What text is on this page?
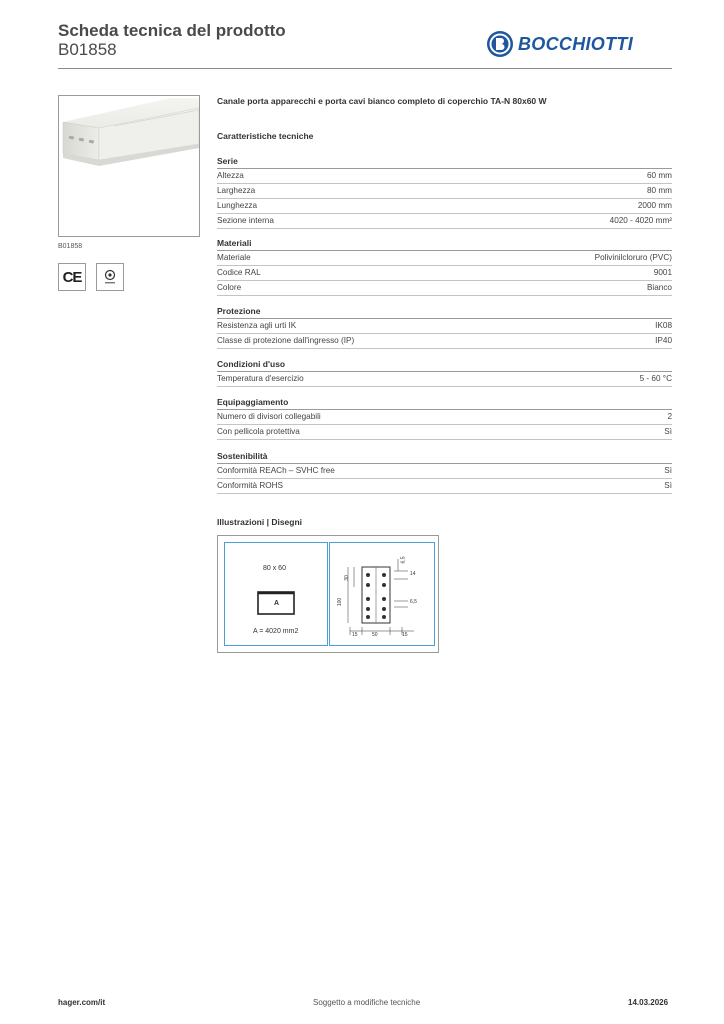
Scheda tecnica del prodotto
B01858	BOCCHIOTTI
B01858
CE
Canale porta apparecchi e porta cavi bianco completo di coperchio TA-N 80x60 W
Caratteristiche tecniche
Serie
Altezza	60 mm
Larghezza	80 mm
Lunghezza	2000 mm
Sezione interna	4020 - 4020 mm²
Materiali
Materiale	Polivinilcloruro (PVC)
Codice RAL	9001
Colore	Bianco
Protezione
Resistenza agli urti IK	IK08
Classe di protezione dall'ingresso (IP)	IP40
Condizioni d'uso
Temperatura d'esercizio	5 - 60 °C
Equipaggiamento
Numero di divisori collegabili	2
Con pellicola protettiva	Sì
Sostenibilità
Conformità REACh – SVHC free	Sì
Conformità ROHS	Sì
Illustrazioni | Disegni
80 x 60
A
A = 4020 mm2
6,5
14
30
100	6,5
15	50	15
hager.com/it	Soggetto a modifiche tecniche	14.03.2026
